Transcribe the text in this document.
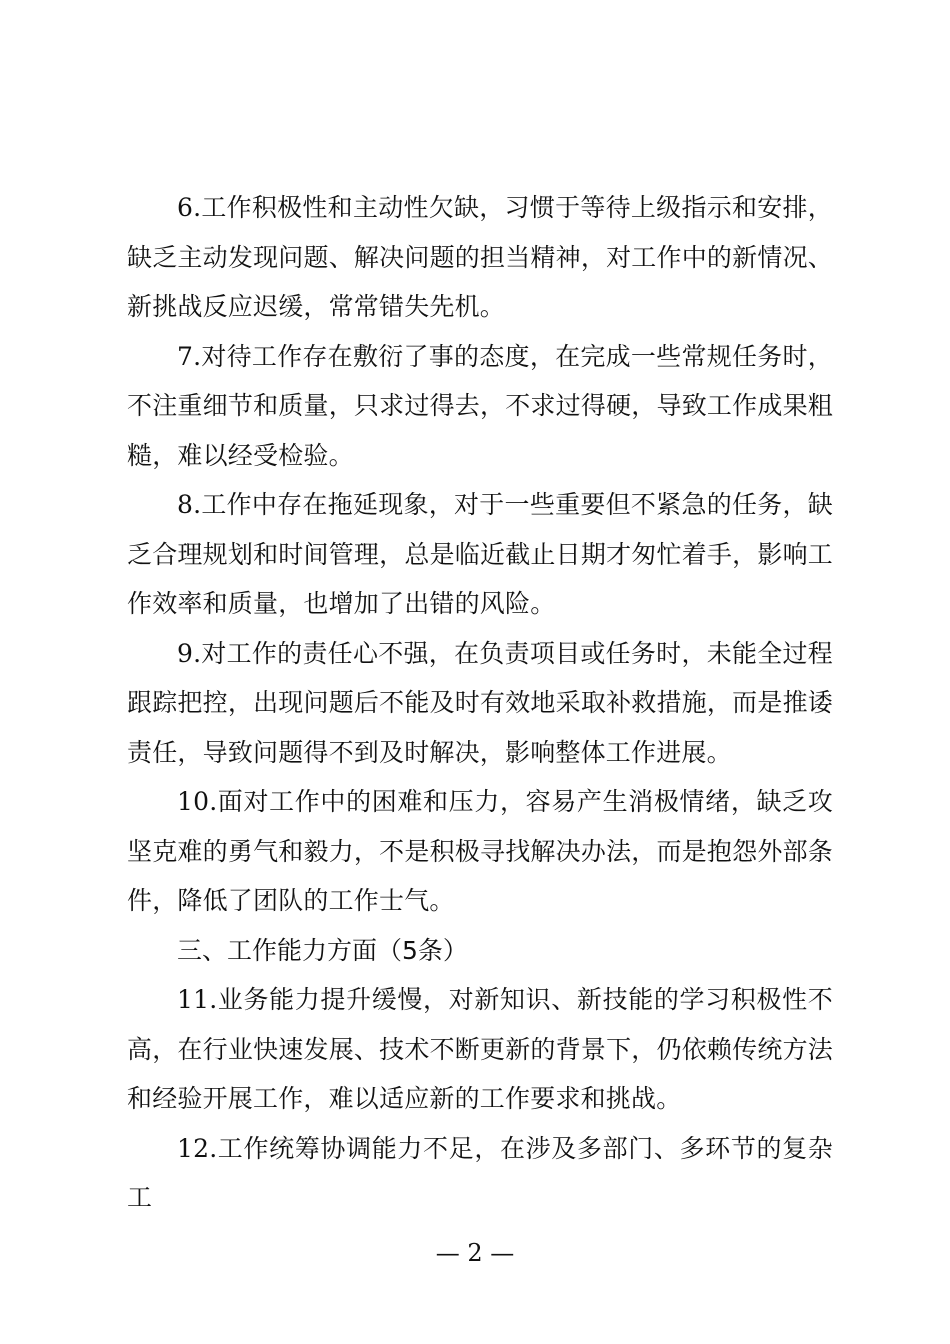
6.工作积极性和主动性欠缺，习惯于等待上级指示和安排，缺乏主动发现问题、解决问题的担当精神，对工作中的新情况、新挑战反应迟缓，常常错失先机。

7.对待工作存在敷衍了事的态度，在完成一些常规任务时，不注重细节和质量，只求过得去，不求过得硬，导致工作成果粗糙，难以经受检验。

8.工作中存在拖延现象，对于一些重要但不紧急的任务，缺乏合理规划和时间管理，总是临近截止日期才匆忙着手，影响工作效率和质量，也增加了出错的风险。

9.对工作的责任心不强，在负责项目或任务时，未能全过程跟踪把控，出现问题后不能及时有效地采取补救措施，而是推诿责任，导致问题得不到及时解决，影响整体工作进展。

10.面对工作中的困难和压力，容易产生消极情绪，缺乏攻坚克难的勇气和毅力，不是积极寻找解决办法，而是抱怨外部条件，降低了团队的工作士气。

三、工作能力方面（5条）

11.业务能力提升缓慢，对新知识、新技能的学习积极性不高，在行业快速发展、技术不断更新的背景下，仍依赖传统方法和经验开展工作，难以适应新的工作要求和挑战。

12.工作统筹协调能力不足，在涉及多部门、多环节的复杂工

— 2 —
